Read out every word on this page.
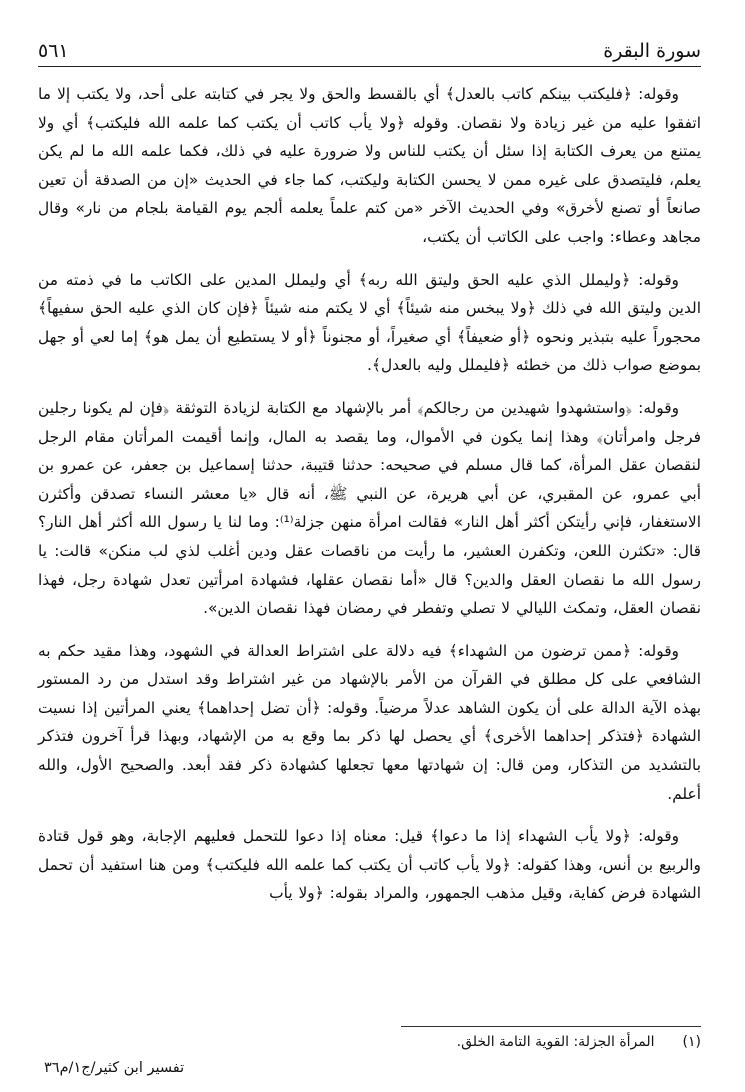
سورة البقرة
٥٦١

وقوله: ﴿فليكتب بينكم كاتب بالعدل﴾ أي بالقسط والحق ولا يجر في كتابته على أحد، ولا يكتب إلا ما اتفقوا عليه من غير زيادة ولا نقصان. وقوله ﴿ولا يأب كاتب أن يكتب كما علمه الله فليكتب﴾ أي ولا يمتنع من يعرف الكتابة إذا سئل أن يكتب للناس ولا ضرورة عليه في ذلك، فكما علمه الله ما لم يكن يعلم، فليتصدق على غيره ممن لا يحسن الكتابة وليكتب، كما جاء في الحديث «إن من الصدقة أن تعين صانعاً أو تصنع لأخرق» وفي الحديث الآخر «من كتم علماً يعلمه ألجم يوم القيامة بلجام من نار» وقال مجاهد وعطاء: واجب على الكاتب أن يكتب،

وقوله: ﴿وليملل الذي عليه الحق وليتق الله ربه﴾ أي وليملل المدين على الكاتب ما في ذمته من الدين وليتق الله في ذلك ﴿ولا يبخس منه شيئاً﴾ أي لا يكتم منه شيئاً ﴿فإن كان الذي عليه الحق سفيهاً﴾ محجوراً عليه بتبذير ونحوه ﴿أو ضعيفاً﴾ أي صغيراً، أو مجنوناً ﴿أو لا يستطيع أن يمل هو﴾ إما لعي أو جهل بموضع صواب ذلك من خطئه ﴿فليملل وليه بالعدل﴾.

وقوله: ﴿واستشهدوا شهيدين من رجالكم﴾ أمر بالإشهاد مع الكتابة لزيادة التوثقة ﴿فإن لم يكونا رجلين فرجل وامرأتان﴾ وهذا إنما يكون في الأموال، وما يقصد به المال، وإنما أقيمت المرأتان مقام الرجل لنقصان عقل المرأة، كما قال مسلم في صحيحه: حدثنا قتيبة، حدثنا إسماعيل بن جعفر، عن عمرو بن أبي عمرو، عن المقبري، عن أبي هريرة، عن النبي ﷺ، أنه قال «يا معشر النساء تصدقن وأكثرن الاستغفار، فإني رأيتكن أكثر أهل النار» فقالت امرأة منهن جزلة⁽¹⁾: وما لنا يا رسول الله أكثر أهل النار؟ قال: «تكثرن اللعن، وتكفرن العشير، ما رأيت من ناقصات عقل ودين أغلب لذي لب منكن» قالت: يا رسول الله ما نقصان العقل والدين؟ قال «أما نقصان عقلها، فشهادة امرأتين تعدل شهادة رجل، فهذا نقصان العقل، وتمكث الليالي لا تصلي وتفطر في رمضان فهذا نقصان الدين».

وقوله: ﴿ممن ترضون من الشهداء﴾ فيه دلالة على اشتراط العدالة في الشهود، وهذا مقيد حكم به الشافعي على كل مطلق في القرآن من الأمر بالإشهاد من غير اشتراط وقد استدل من رد المستور بهذه الآية الدالة على أن يكون الشاهد عدلاً مرضياً. وقوله: ﴿أن تضل إحداهما﴾ يعني المرأتين إذا نسيت الشهادة ﴿فتذكر إحداهما الأخرى﴾ أي يحصل لها ذكر بما وقع به من الإشهاد، وبهذا قرأ آخرون فتذكر بالتشديد من التذكار، ومن قال: إن شهادتها معها تجعلها كشهادة ذكر فقد أبعد. والصحيح الأول، والله أعلم.

وقوله: ﴿ولا يأب الشهداء إذا ما دعوا﴾ قيل: معناه إذا دعوا للتحمل فعليهم الإجابة، وهو قول قتادة والربيع بن أنس، وهذا كقوله: ﴿ولا يأب كاتب أن يكتب كما علمه الله فليكتب﴾ ومن هنا استفيد أن تحمل الشهادة فرض كفاية، وقيل مذهب الجمهور، والمراد بقوله: ﴿ولا يأب

(١)المرأة الجزلة: القوية التامة الخلق.
تفسير ابن كثير/ج١/م٣٦
